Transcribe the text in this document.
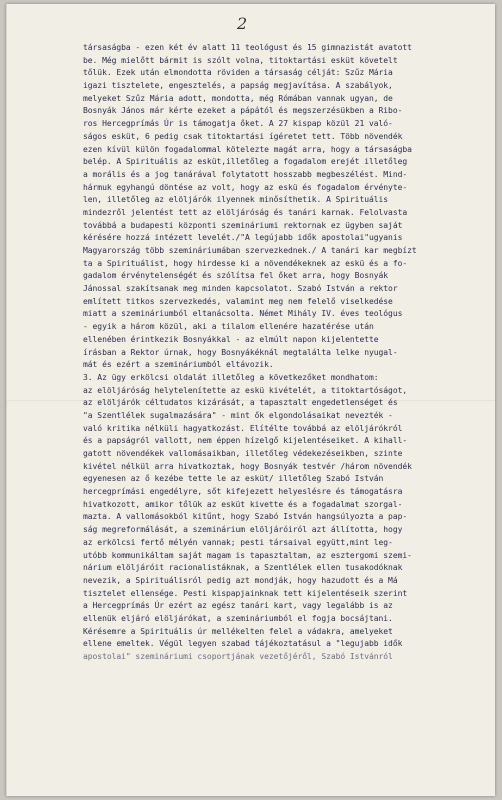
2
társaságba - ezen két év alatt 11 teológust és 15 gimnazistát avatott
be. Még mielőtt bármit is szólt volna, titoktartási esküt követelt
tőlük. Ezek után elmondotta röviden a társaság célját: Szűz Mária
igazi tisztelete, engesztelés, a papság megjavítása. A szabályok,
melyeket Szűz Mária adott, mondotta, még Rómában vannak ugyan, de
Bosnyák János már kérte ezeket a pápától és megszerzésükben a Ribo-
ros Hercegprímás Úr is támogatja őket. A 27 kispap közül 21 való-
ságos esküt, 6 pedig csak titoktartási ígéretet tett. Több növendék
ezen kívül külön fogadalommal kötelezte magát arra, hogy a társaságba
belép. A Spirituális az esküt,illetőleg a fogadalom erejét illetőleg
a morális és a jog tanárával folytatott hosszabb megbeszélést. Mind-
hármuk egyhangú döntése az volt, hogy az eskü és fogadalom érvényte-
len, illetőleg az elöljárók ilyennek minősíthetik. A Spirituális
mindezről jelentést tett az elöljáróság és tanári karnak. Felolvasta
továbbá a budapesti központi szemináriumi rektornak ez ügyben saját
kérésére hozzá intézett levelét./"A legújabb idők apostolai"ugyanis
Magyarország több szemináriumában szervezkednek./ A tanári kar megbízt
ta a Spirituálist, hogy hirdesse ki a növendékeknek az eskü és a fo-
gadalom érvénytelenségét és szólítsa fel őket arra, hogy Bosnyák
Jánossal szakítsanak meg minden kapcsolatot. Szabó István a rektor
említett titkos szervezkedés, valamint meg nem felelő viselkedése
miatt a szemináriumból eltanácsolta. Német Mihály IV. éves teológus
- egyik a három közül, aki a tilalom ellenére hazatérése után
ellenében érintkezik Bosnyákkal - az elmúlt napon kijelentette
írásban a Rektor úrnak, hogy Bosnyákéknál megtalálta lelke nyugal-
mát és ezért a szemináriumból eltávozik.
3. Az ügy erkölcsi oldalát illetőleg a következőket mondhatom:
az elöljáróság helytelenítette az eskü kivételét, a titoktartóságot,
az elöljárók céltudatos kizárását, a tapasztalt engedetlenséget és
"a Szentlélek sugalmazására" - mint ők elgondolásaikat nevezték -
való kritika nélküli hagyatkozást. Elítélte továbbá az elöljárókról
és a papságról vallott, nem éppen hízelgő kijelentéseiket. A kihall-
gatott növendékek vallomásaikban, illetőleg védekezéseikben, szinte
kivétel nélkül arra hivatkoztak, hogy Bosnyák testvér /három növendék
egyenesen az ő kezébe tette le az esküt/ illetőleg Szabó István
hercegprímási engedélyre, sőt kifejezett helyeslésre és támogatásra
hivatkozott, amikor tőlük az esküt kivette és a fogadalmat szorgal-
mazta. A vallomásokból kitűnt, hogy Szabó István hangsúlyozta a pap-
ság megreformálását, a szeminárium elöljáróiról azt állította, hogy
az erkölcsi fertő mélyén vannak; pesti társaival együtt,mint leg-
utóbb kommunikáltam saját magam is tapasztaltam, az esztergomi szemi-
nárium elöljáróit racionalistáknak, a Szentlélek ellen tusakodóknak
nevezik, a Spirituálisról pedig azt mondják, hogy hazudott és a Má
tisztelet ellensége. Pesti kispapjainknak tett kijelentéseik szerint
a Hercegprímás Úr ezért az egész tanári kart, vagy legalább is az
ellenük eljáró elöljárókat, a szemináriumból el fogja bocsájtani.
Kérésemre a Spirituális úr mellékelten felel a vádakra, amelyeket
ellene emeltek. Végül legyen szabad tájékoztatásul a "legujabb idők
apostolai" szemináriumi csoportjának vezetőjéről, Szabó Istvánról
